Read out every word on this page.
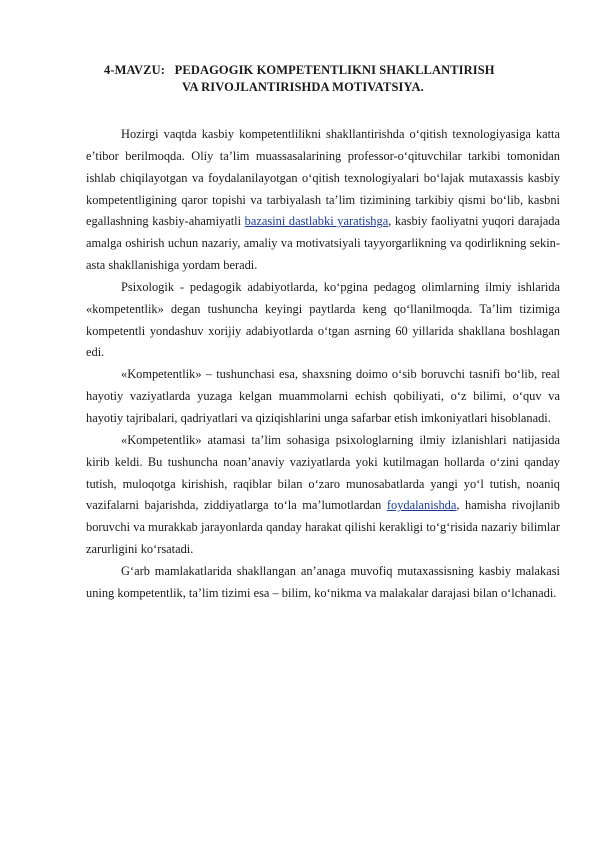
4-MAVZU: PEDAGOGIK KOMPETENTLIKNI SHAKLLANTIRISH
VA RIVOJLANTIRISHDA MOTIVATSIYA.

Hozirgi vaqtda kasbiy kompetentlilikni shakllantirishda o‘qitish texnologiyasiga katta e’tibor berilmoqda. Oliy ta’lim muassasalarining professor-o‘qituvchilar tarkibi tomonidan ishlab chiqilayotgan va foydalanilayotgan o‘qitish texnologiyalari bo‘lajak mutaxassis kasbiy kompetentligining qaror topishi va tarbiyalash ta’lim tizimining tarkibiy qismi bo‘lib, kasbni egallashning kasbiy-ahamiyatli bazasini dastlabki yaratishga, kasbiy faoliyatni yuqori darajada amalga oshirish uchun nazariy, amaliy va motivatsiyali tayyorgarlikning va qodirlikning sekin-asta shakllanishiga yordam beradi.

Psixologik - pedagogik adabiyotlarda, ko‘pgina pedagog olimlarning ilmiy ishlarida «kompetentlik» degan tushuncha keyingi paytlarda keng qo‘llanilmoqda. Ta’lim tizimiga kompetentli yondashuv xorijiy adabiyotlarda o‘tgan asrning 60 yillarida shakllana boshlagan edi.

«Kompetentlik» – tushunchasi esa, shaxsning doimo o‘sib boruvchi tasnifi bo‘lib, real hayotiy vaziyatlarda yuzaga kelgan muammolarni echish qobiliyati, o‘z bilimi, o‘quv va hayotiy tajribalari, qadriyatlari va qiziqishlarini unga safarbar etish imkoniyatlari hisoblanadi.

«Kompetentlik» atamasi ta’lim sohasiga psixologlarning ilmiy izlanishlari natijasida kirib keldi. Bu tushuncha noan’anaviy vaziyatlarda yoki kutilmagan hollarda o‘zini qanday tutish, muloqotga kirishish, raqiblar bilan o‘zaro munosabatlarda yangi yo‘l tutish, noaniq vazifalarni bajarishda, ziddiyatlarga to‘la ma’lumotlardan foydalanishda, hamisha rivojlanib boruvchi va murakkab jarayonlarda qanday harakat qilishi kerakligi to‘g‘risida nazariy bilimlar zarurligini ko‘rsatadi.

G‘arb mamlakatlarida shakllangan an’anaga muvofiq mutaxassisning kasbiy malakasi uning kompetentlik, ta’lim tizimi esa – bilim, ko‘nikma va malakalar darajasi bilan o‘lchanadi.
